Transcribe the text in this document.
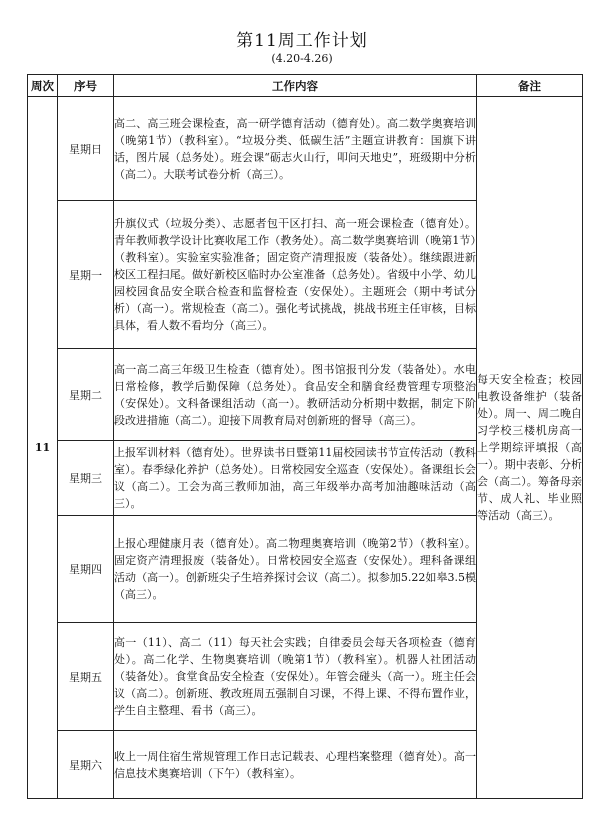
第11周工作计划
(4.20-4.26)
周次	序号	工作内容	备注
11	星期日	高二、高三班会课检查，高一研学德育活动（德育处）。高二数学奥赛培训（晚第1节）（教科室）。“垃圾分类、低碳生活”主题宣讲教育：国旗下讲话，图片展（总务处）。班会课“砺志火山行，叩问天地史”，班级期中分析（高二）。大联考试卷分析（高三）。	每天安全检查；校园电教设备维护（装备处）。周一、周二晚自习学校三楼机房高一上学期综评填报（高一）。期中表彰、分析会（高二）。筹备母亲节、成人礼、毕业照等活动（高三）。
	星期一	升旗仪式（垃圾分类）、志愿者包干区打扫、高一班会课检查（德育处）。青年教师教学设计比赛收尾工作（教务处）。高二数学奥赛培训（晚第1节）（教科室）。实验室实验准备；固定资产清理报废（装备处）。继续跟进新校区工程扫尾。做好新校区临时办公室准备（总务处）。省级中小学、幼儿园校园食品安全联合检查和监督检查（安保处）。主题班会（期中考试分析）（高一）。常规检查（高二）。强化考试挑战，挑战书班主任审核，目标具体，看人数不看均分（高三）。	
	星期二	高一高二高三年级卫生检查（德育处）。图书馆报刊分发（装备处）。水电日常检修，教学后勤保障（总务处）。食品安全和膳食经费管理专项整治（安保处）。文科备课组活动（高一）。教研活动分析期中数据，制定下阶段改进措施（高二）。迎接下周教育局对创新班的督导（高三）。	
	星期三	上报军训材料（德育处）。世界读书日暨第11届校园读书节宣传活动（教科室）。春季绿化养护（总务处）。日常校园安全巡查（安保处）。备课组长会议（高二）。工会为高三教师加油，高三年级举办高考加油趣味活动（高三）。	
	星期四	上报心理健康月表（德育处）。高二物理奥赛培训（晚第2节）（教科室）。固定资产清理报废（装备处）。日常校园安全巡查（安保处）。理科备课组活动（高一）。创新班尖子生培养探讨会议（高二）。拟参加5.22如皋3.5模（高三）。	
	星期五	高一（11）、高二（11）每天社会实践；自律委员会每天各项检查（德育处）。高二化学、生物奥赛培训（晚第1节）（教科室）。机器人社团活动（装备处）。食堂食品安全检查（安保处）。年管会碰头（高一）。班主任会议（高二）。创新班、教改班周五强制自习课，不得上课、不得布置作业，学生自主整理、看书（高三）。	
	星期六	收上一周住宿生常规管理工作日志记载表、心理档案整理（德育处）。高一信息技术奥赛培训（下午）（教科室）。	
